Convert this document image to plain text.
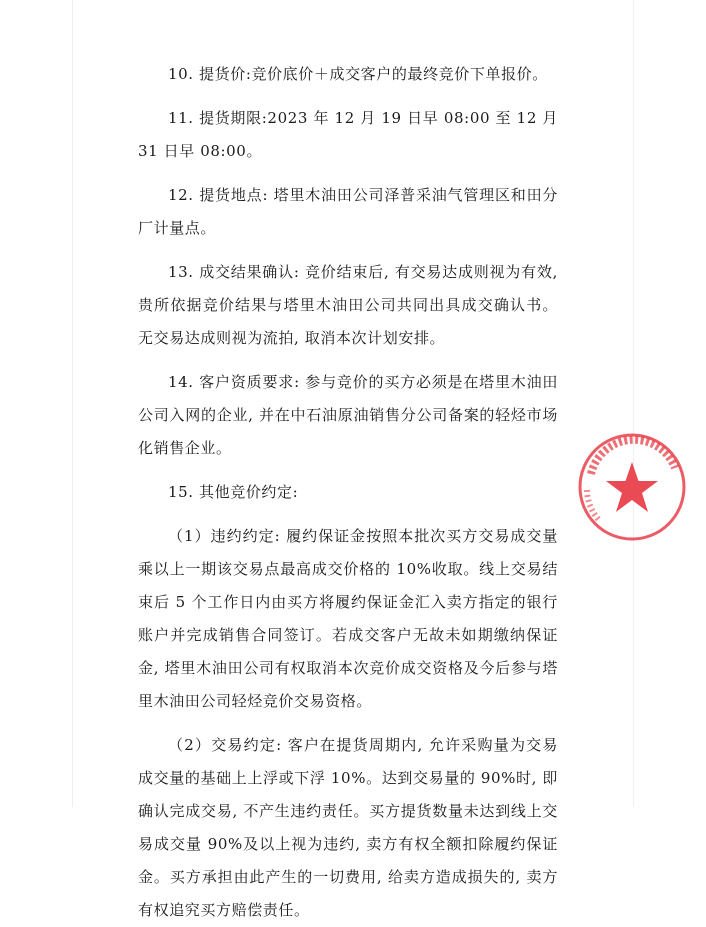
10. 提货价:竞价底价＋成交客户的最终竞价下单报价。

11. 提货期限:2023 年 12 月 19 日早 08:00 至 12 月 31 日早 08:00。

12. 提货地点: 塔里木油田公司泽普采油气管理区和田分厂计量点。

13. 成交结果确认: 竞价结束后, 有交易达成则视为有效, 贵所依据竞价结果与塔里木油田公司共同出具成交确认书。无交易达成则视为流拍, 取消本次计划安排。

14. 客户资质要求: 参与竞价的买方必须是在塔里木油田公司入网的企业, 并在中石油原油销售分公司备案的轻烃市场化销售企业。

15. 其他竞价约定:

（1）违约约定: 履约保证金按照本批次买方交易成交量乘以上一期该交易点最高成交价格的 10%收取。线上交易结束后 5 个工作日内由买方将履约保证金汇入卖方指定的银行账户并完成销售合同签订。若成交客户无故未如期缴纳保证金, 塔里木油田公司有权取消本次竞价成交资格及今后参与塔里木油田公司轻烃竞价交易资格。

（2）交易约定: 客户在提货周期内, 允许采购量为交易成交量的基础上上浮或下浮 10%。达到交易量的 90%时, 即确认完成交易, 不产生违约责任。买方提货数量未达到线上交易成交量 90%及以上视为违约, 卖方有权全额扣除履约保证金。买方承担由此产生的一切费用, 给卖方造成损失的, 卖方有权追究买方赔偿责任。
